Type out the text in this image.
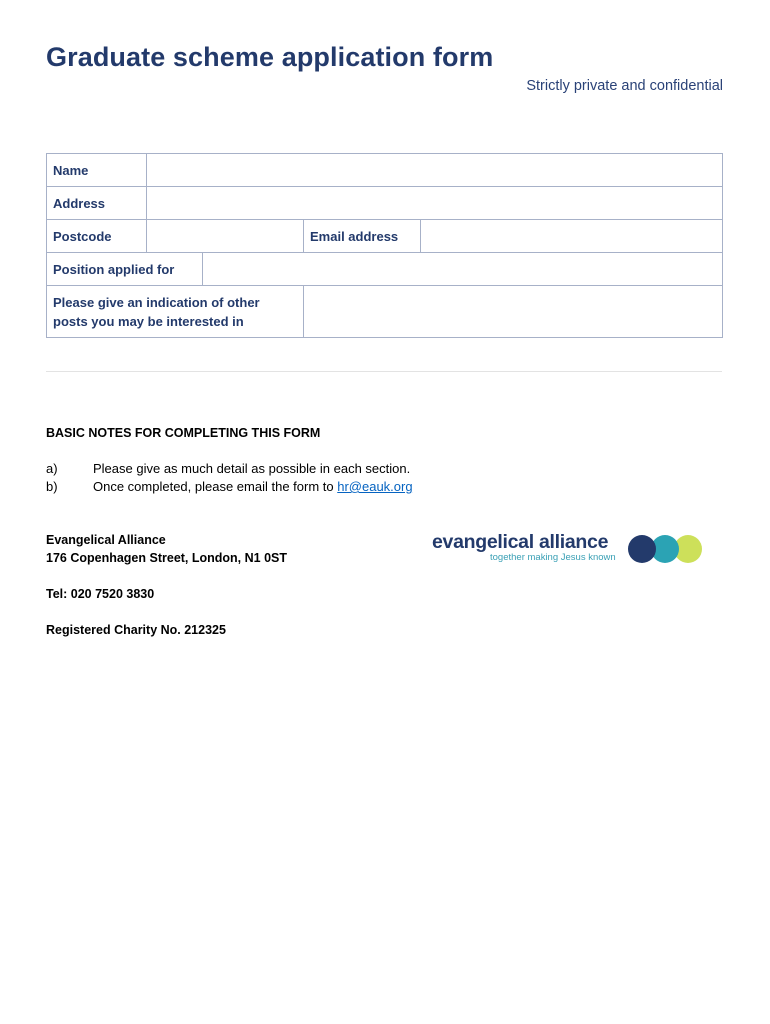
Graduate scheme application form
Strictly private and confidential
Name	
Address	
Postcode			Email address	
Position applied for	
Please give an indication of other posts you may be interested in	
BASIC NOTES FOR COMPLETING THIS FORM
a)	Please give as much detail as possible in each section.
b)	Once completed, please email the form to hr@eauk.org
Evangelical Alliance
176 Copenhagen Street, London, N1 0ST
Tel: 020 7520 3830
Registered Charity No. 212325
evangelical alliance
together making Jesus known
